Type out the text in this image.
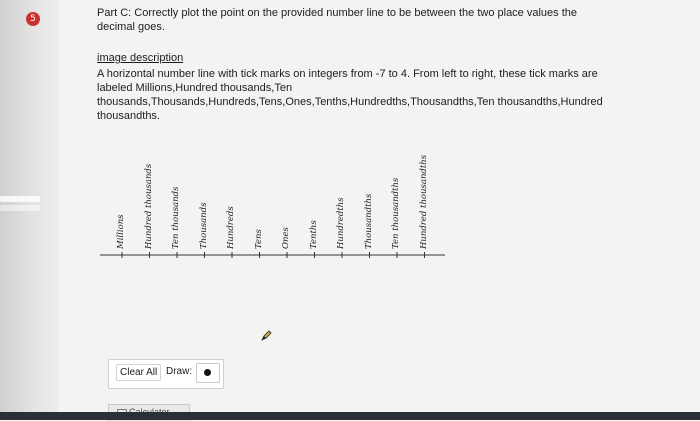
5	Part C: Correctly plot the point on the provided number line to be between the two place values the decimal goes.
image description
A horizontal number line with tick marks on integers from -7 to 4. From left to right, these tick marks are labeled Millions,Hundred thousands,Ten thousands,Thousands,Hundreds,Tens,Ones,Tenths,Hundredths,Thousandths,Ten thousandths,Hundred thousandths.
Millions Hundred thousands Ten thousands Thousands Hundreds Tens Ones Tenths Hundredths Thousandths Ten thousandths Hundred thousandths
Clear All Draw:
